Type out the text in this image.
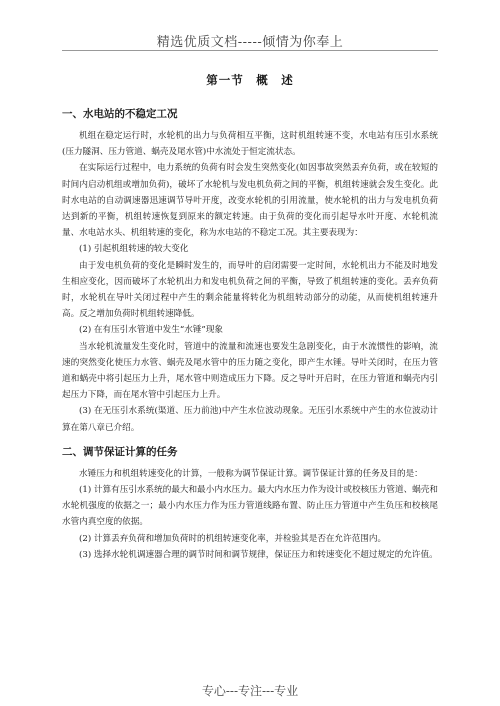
精选优质文档-----倾情为你奉上
第一节　概　述
一、水电站的不稳定工况

机组在稳定运行时，水轮机的出力与负荷相互平衡，这时机组转速不变，水电站有压引水系统(压力隧洞、压力管道、蜗壳及尾水管)中水流处于恒定流状态。

在实际运行过程中，电力系统的负荷有时会发生突然变化(如因事故突然丢弃负荷，或在较短的时间内启动机组或增加负荷)，破坏了水轮机与发电机负荷之间的平衡，机组转速就会发生变化。此时水电站的自动调速器迅速调节导叶开度，改变水轮机的引用流量，使水轮机的出力与发电机负荷达到新的平衡，机组转速恢复到原来的额定转速。由于负荷的变化而引起导水叶开度、水轮机流量、水电站水头、机组转速的变化，称为水电站的不稳定工况。其主要表现为：

(1) 引起机组转速的较大变化

由于发电机负荷的变化是瞬时发生的，而导叶的启闭需要一定时间，水轮机出力不能及时地发生相应变化，因而破坏了水轮机出力和发电机负荷之间的平衡，导致了机组转速的变化。丢弃负荷时，水轮机在导叶关闭过程中产生的剩余能量将转化为机组转动部分的动能，从而使机组转速升高。反之增加负荷时机组转速降低。

(2) 在有压引水管道中发生“水锤”现象

当水轮机流量发生变化时，管道中的流量和流速也要发生急剧变化，由于水流惯性的影响，流速的突然变化使压力水管、蜗壳及尾水管中的压力随之变化，即产生水锤。导叶关闭时，在压力管道和蜗壳中将引起压力上升，尾水管中则造成压力下降。反之导叶开启时，在压力管道和蜗壳内引起压力下降，而在尾水管中引起压力上升。

(3) 在无压引水系统(渠道、压力前池)中产生水位波动现象。无压引水系统中产生的水位波动计算在第八章已介绍。

二、调节保证计算的任务

水锤压力和机组转速变化的计算，一般称为调节保证计算。调节保证计算的任务及目的是：

(1) 计算有压引水系统的最大和最小内水压力。最大内水压力作为设计或校核压力管道、蜗壳和水轮机强度的依据之一；最小内水压力作为压力管道线路布置、防止压力管道中产生负压和校核尾水管内真空度的依据。

(2) 计算丢弃负荷和增加负荷时的机组转速变化率，并检验其是否在允许范围内。

(3) 选择水轮机调速器合理的调节时间和调节规律，保证压力和转速变化不超过规定的允许值。

专心---专注---专业
